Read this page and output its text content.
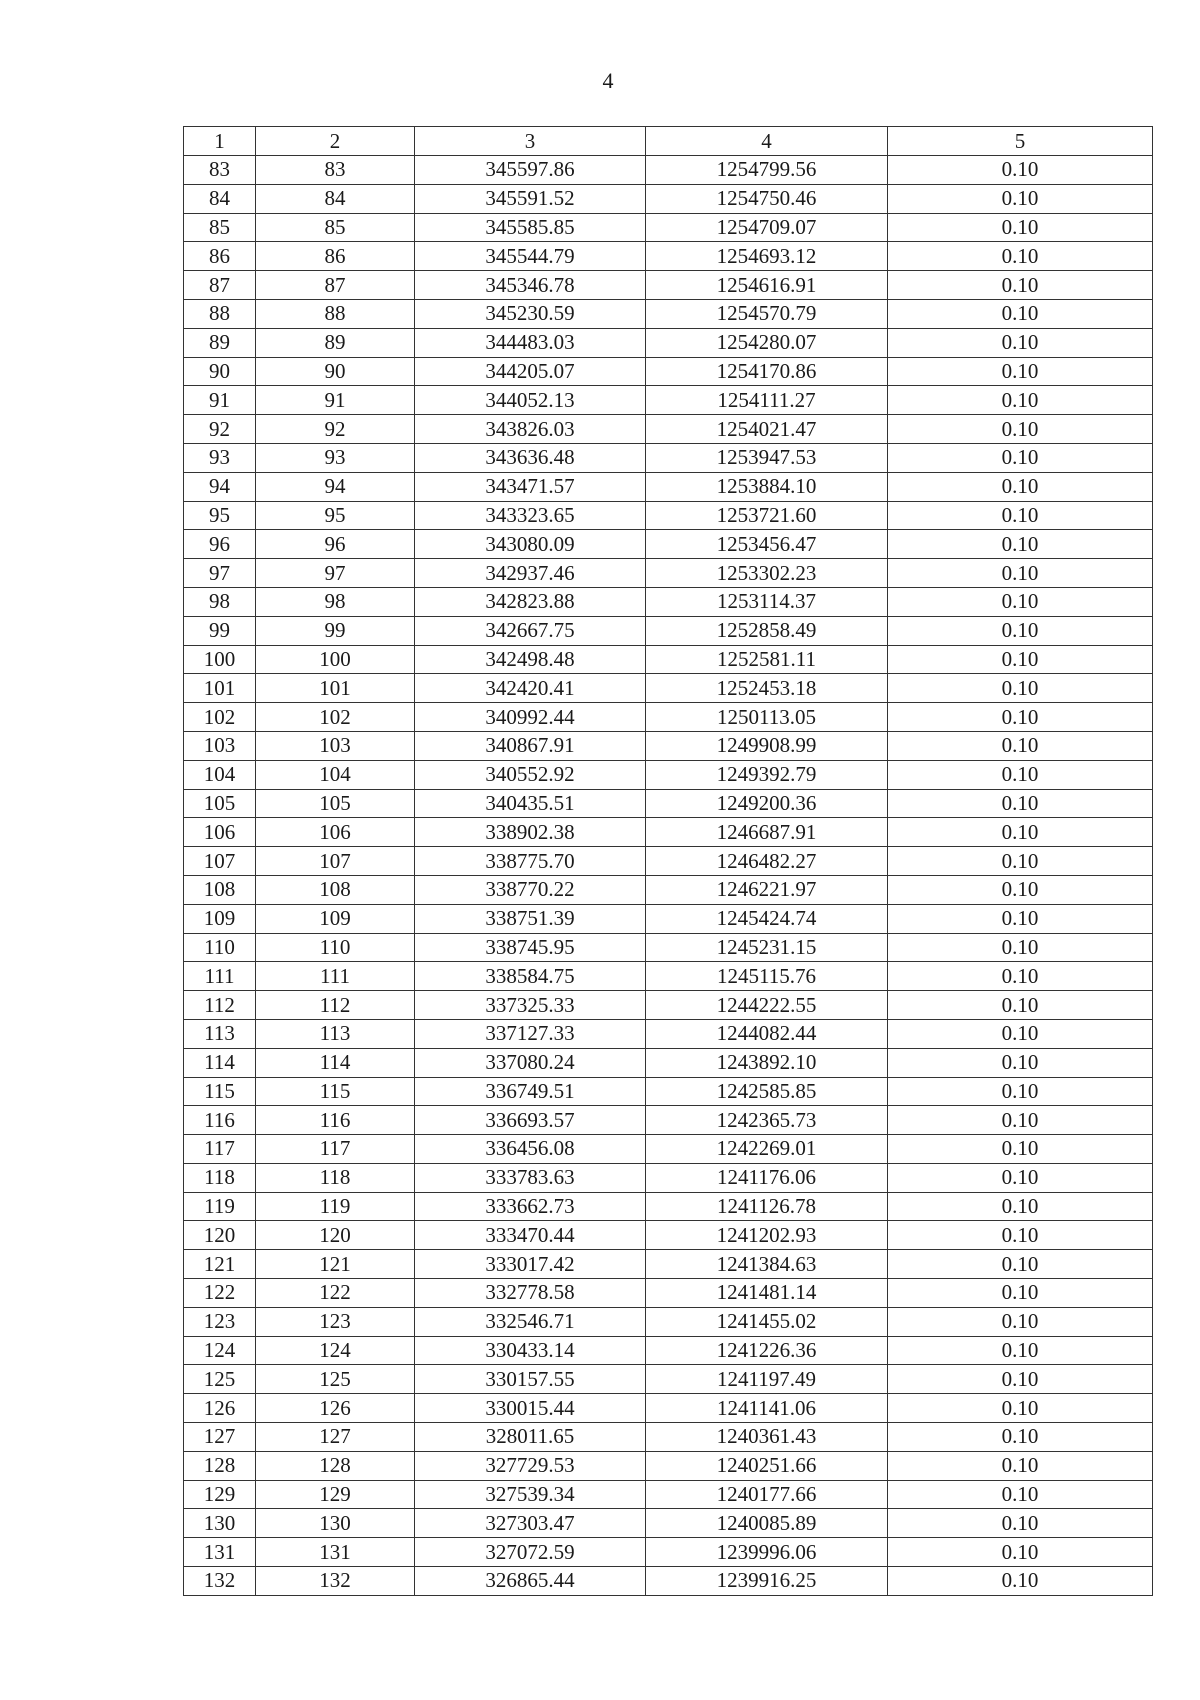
4
1	2	3	4	5
83	83	345597.86	1254799.56	0.10
84	84	345591.52	1254750.46	0.10
85	85	345585.85	1254709.07	0.10
86	86	345544.79	1254693.12	0.10
87	87	345346.78	1254616.91	0.10
88	88	345230.59	1254570.79	0.10
89	89	344483.03	1254280.07	0.10
90	90	344205.07	1254170.86	0.10
91	91	344052.13	1254111.27	0.10
92	92	343826.03	1254021.47	0.10
93	93	343636.48	1253947.53	0.10
94	94	343471.57	1253884.10	0.10
95	95	343323.65	1253721.60	0.10
96	96	343080.09	1253456.47	0.10
97	97	342937.46	1253302.23	0.10
98	98	342823.88	1253114.37	0.10
99	99	342667.75	1252858.49	0.10
100	100	342498.48	1252581.11	0.10
101	101	342420.41	1252453.18	0.10
102	102	340992.44	1250113.05	0.10
103	103	340867.91	1249908.99	0.10
104	104	340552.92	1249392.79	0.10
105	105	340435.51	1249200.36	0.10
106	106	338902.38	1246687.91	0.10
107	107	338775.70	1246482.27	0.10
108	108	338770.22	1246221.97	0.10
109	109	338751.39	1245424.74	0.10
110	110	338745.95	1245231.15	0.10
111	111	338584.75	1245115.76	0.10
112	112	337325.33	1244222.55	0.10
113	113	337127.33	1244082.44	0.10
114	114	337080.24	1243892.10	0.10
115	115	336749.51	1242585.85	0.10
116	116	336693.57	1242365.73	0.10
117	117	336456.08	1242269.01	0.10
118	118	333783.63	1241176.06	0.10
119	119	333662.73	1241126.78	0.10
120	120	333470.44	1241202.93	0.10
121	121	333017.42	1241384.63	0.10
122	122	332778.58	1241481.14	0.10
123	123	332546.71	1241455.02	0.10
124	124	330433.14	1241226.36	0.10
125	125	330157.55	1241197.49	0.10
126	126	330015.44	1241141.06	0.10
127	127	328011.65	1240361.43	0.10
128	128	327729.53	1240251.66	0.10
129	129	327539.34	1240177.66	0.10
130	130	327303.47	1240085.89	0.10
131	131	327072.59	1239996.06	0.10
132	132	326865.44	1239916.25	0.10
